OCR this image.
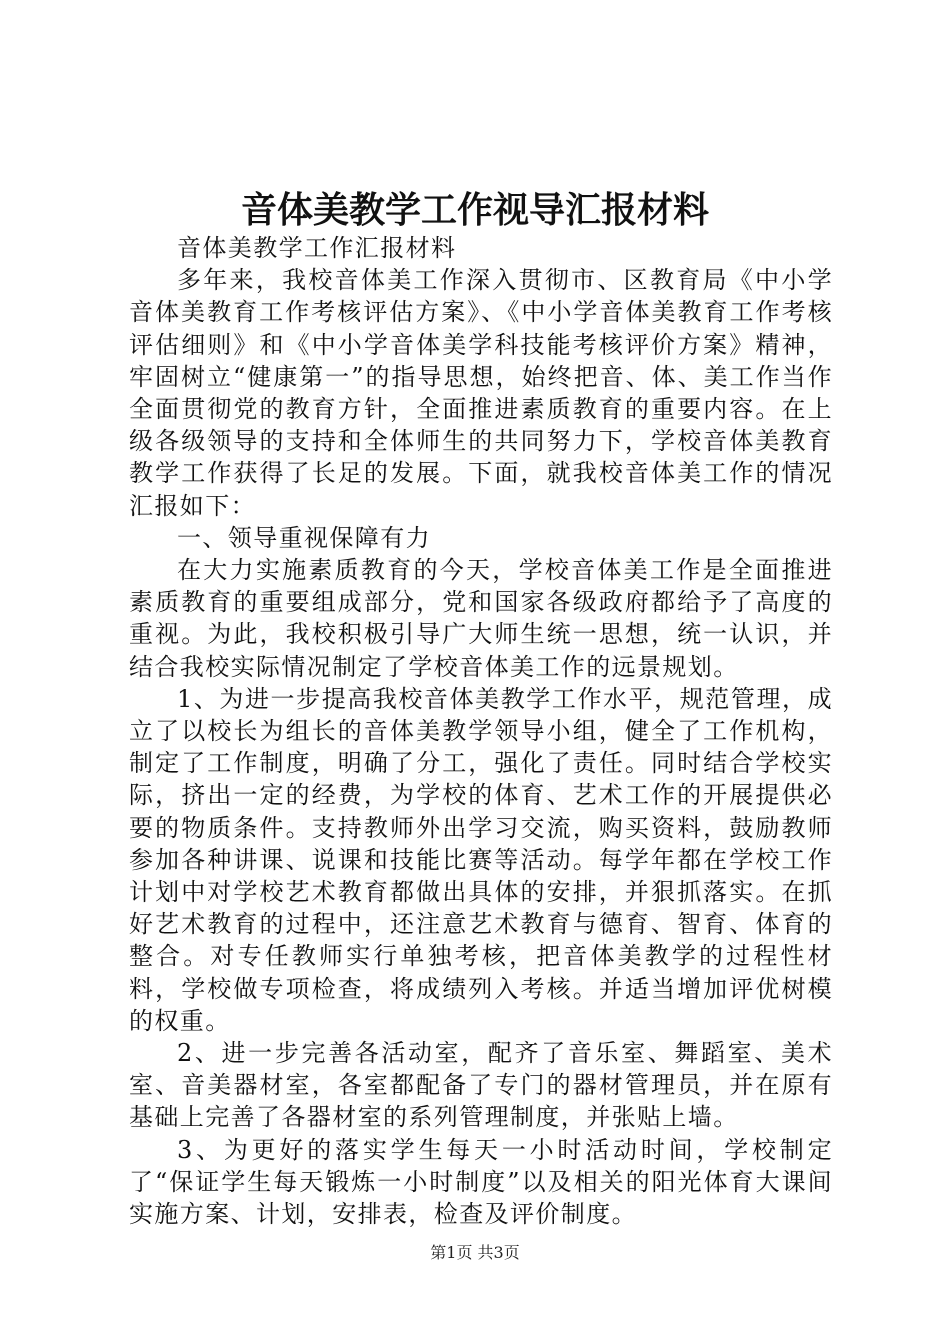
音体美教学工作视导汇报材料

音体美教学工作汇报材料

多年来，我校音体美工作深入贯彻市、区教育局《中小学音体美教育工作考核评估方案》、《中小学音体美教育工作考核评估细则》和《中小学音体美学科技能考核评价方案》精神，牢固树立“健康第一”的指导思想，始终把音、体、美工作当作全面贯彻党的教育方针，全面推进素质教育的重要内容。在上级各级领导的支持和全体师生的共同努力下，学校音体美教育教学工作获得了长足的发展。下面，就我校音体美工作的情况汇报如下：

一、领导重视保障有力

在大力实施素质教育的今天，学校音体美工作是全面推进素质教育的重要组成部分，党和国家各级政府都给予了高度的重视。为此，我校积极引导广大师生统一思想，统一认识，并结合我校实际情况制定了学校音体美工作的远景规划。

1、为进一步提高我校音体美教学工作水平，规范管理，成立了以校长为组长的音体美教学领导小组，健全了工作机构，制定了工作制度，明确了分工，强化了责任。同时结合学校实际，挤出一定的经费，为学校的体育、艺术工作的开展提供必要的物质条件。支持教师外出学习交流，购买资料，鼓励教师参加各种讲课、说课和技能比赛等活动。每学年都在学校工作计划中对学校艺术教育都做出具体的安排，并狠抓落实。在抓好艺术教育的过程中，还注意艺术教育与德育、智育、体育的整合。对专任教师实行单独考核，把音体美教学的过程性材料，学校做专项检查，将成绩列入考核。并适当增加评优树模的权重。

2、进一步完善各活动室，配齐了音乐室、舞蹈室、美术室、音美器材室，各室都配备了专门的器材管理员，并在原有基础上完善了各器材室的系列管理制度，并张贴上墙。

3、为更好的落实学生每天一小时活动时间，学校制定了“保证学生每天锻炼一小时制度”以及相关的阳光体育大课间实施方案、计划，安排表，检查及评价制度。

第1页 共3页
